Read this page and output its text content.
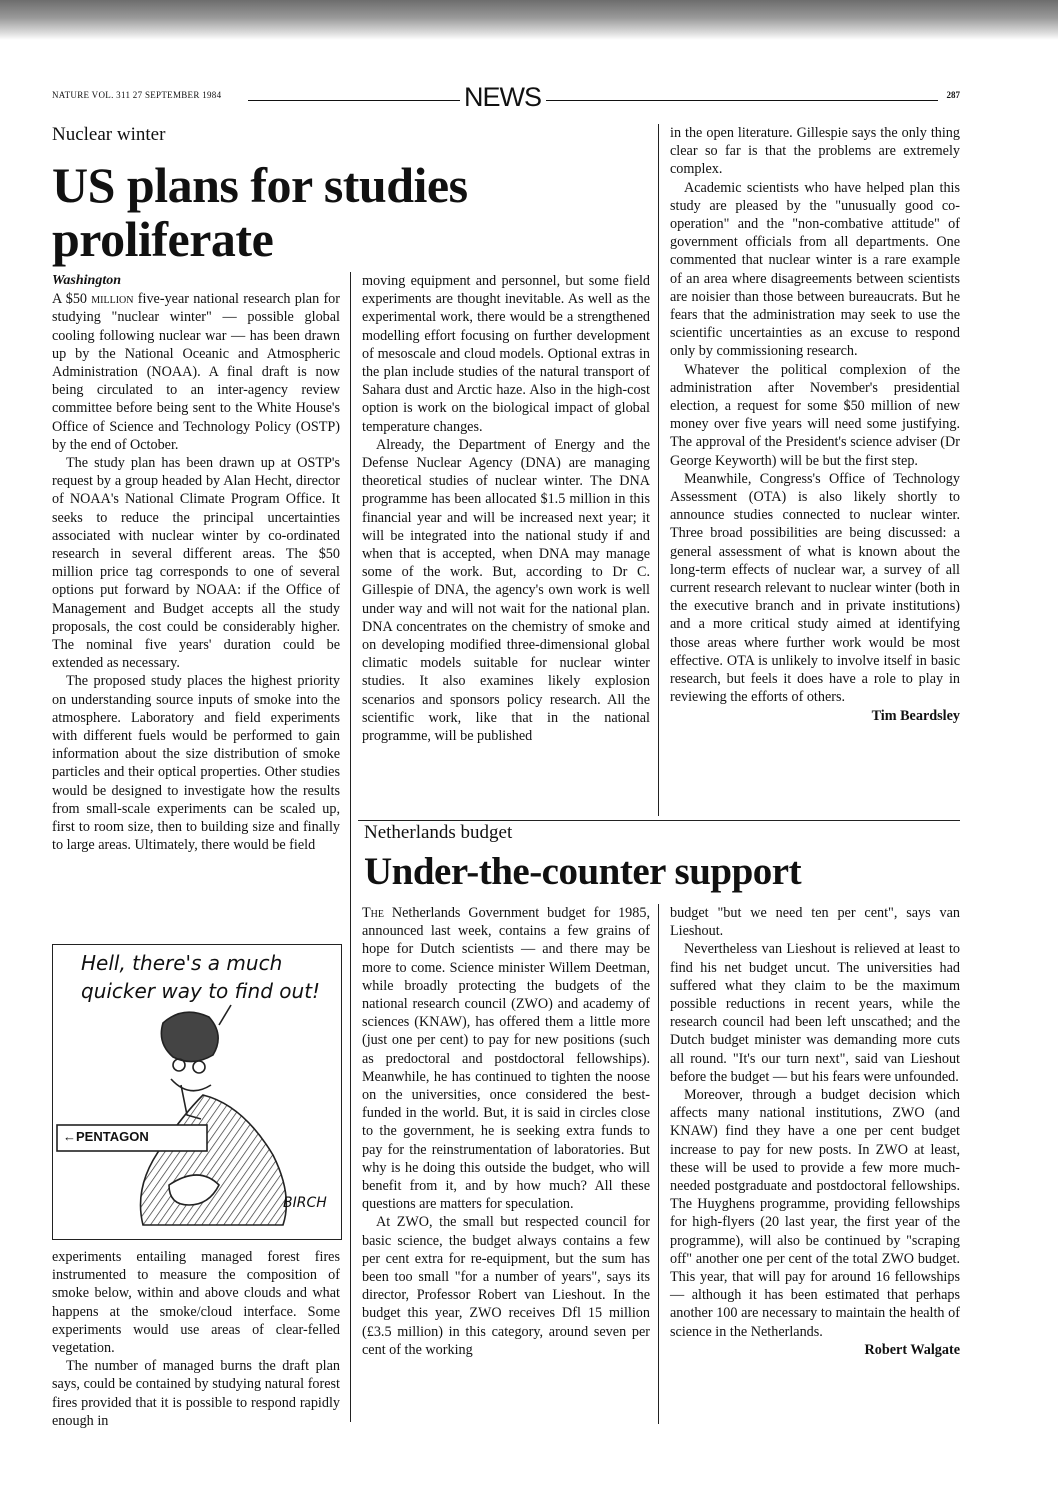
NATURE VOL. 311 27 SEPTEMBER 1984	NEWS	287
Nuclear winter
US plans for studies
proliferate
Washington

A $50 million five-year national research plan for studying "nuclear winter" — possible global cooling following nuclear war — has been drawn up by the National Oceanic and Atmospheric Administration (NOAA). A final draft is now being circulated to an inter-agency review committee before being sent to the White House's Office of Science and Technology Policy (OSTP) by the end of October.

The study plan has been drawn up at OSTP's request by a group headed by Alan Hecht, director of NOAA's National Climate Program Office. It seeks to reduce the principal uncertainties associated with nuclear winter by co-ordinated research in several different areas. The $50 million price tag corresponds to one of several options put forward by NOAA: if the Office of Management and Budget accepts all the study proposals, the cost could be considerably higher. The nominal five years' duration could be extended as necessary.

The proposed study places the highest priority on understanding source inputs of smoke into the atmosphere. Laboratory and field experiments with different fuels would be performed to gain information about the size distribution of smoke particles and their optical properties. Other studies would be designed to investigate how the results from small-scale experiments can be scaled up, first to room size, then to building size and finally to large areas. Ultimately, there would be field

Hell, there's a much quicker way to find out!
←PENTAGON
BIRCH

experiments entailing managed forest fires instrumented to measure the composition of smoke below, within and above clouds and what happens at the smoke/cloud interface. Some experiments would use areas of clear-felled vegetation.

The number of managed burns the draft plan says, could be contained by studying natural forest fires provided that it is possible to respond rapidly enough in

moving equipment and personnel, but some field experiments are thought inevitable. As well as the experimental work, there would be a strengthened modelling effort focusing on further development of mesoscale and cloud models. Optional extras in the plan include studies of the natural transport of Sahara dust and Arctic haze. Also in the high-cost option is work on the biological impact of global temperature changes.

Already, the Department of Energy and the Defense Nuclear Agency (DNA) are managing theoretical studies of nuclear winter. The DNA programme has been allocated $1.5 million in this financial year and will be increased next year; it will be integrated into the national study if and when that is accepted, when DNA may manage some of the work. But, according to Dr C. Gillespie of DNA, the agency's own work is well under way and will not wait for the national plan. DNA concentrates on the chemistry of smoke and on developing modified three-dimensional global climatic models suitable for nuclear winter studies. It also examines likely explosion scenarios and sponsors policy research. All the scientific work, like that in the national programme, will be published

in the open literature. Gillespie says the only thing clear so far is that the problems are extremely complex.

Academic scientists who have helped plan this study are pleased by the "unusually good co-operation" and the "non-combative attitude" of government officials from all departments. One commented that nuclear winter is a rare example of an area where disagreements between scientists are noisier than those between bureaucrats. But he fears that the administration may seek to use the scientific uncertainties as an excuse to respond only by commissioning research.

Whatever the political complexion of the administration after November's presidential election, a request for some $50 million of new money over five years will need some justifying. The approval of the President's science adviser (Dr George Keyworth) will be but the first step.

Meanwhile, Congress's Office of Technology Assessment (OTA) is also likely shortly to announce studies connected to nuclear winter. Three broad possibilities are being discussed: a general assessment of what is known about the long-term effects of nuclear war, a survey of all current research relevant to nuclear winter (both in the executive branch and in private institutions) and a more critical study aimed at identifying those areas where further work would be most effective. OTA is unlikely to involve itself in basic research, but feels it does have a role to play in reviewing the efforts of others.

Tim Beardsley
Netherlands budget
Under-the-counter support

The Netherlands Government budget for 1985, announced last week, contains a few grains of hope for Dutch scientists — and there may be more to come. Science minister Willem Deetman, while broadly protecting the budgets of the national research council (ZWO) and academy of sciences (KNAW), has offered them a little more (just one per cent) to pay for new positions (such as predoctoral and postdoctoral fellowships). Meanwhile, he has continued to tighten the noose on the universities, once considered the best-funded in the world. But, it is said in circles close to the government, he is seeking extra funds to pay for the reinstrumentation of laboratories. But why is he doing this outside the budget, who will benefit from it, and by how much? All these questions are matters for speculation.

At ZWO, the small but respected council for basic science, the budget always contains a few per cent extra for re-equipment, but the sum has been too small "for a number of years", says its director, Professor Robert van Lieshout. In the budget this year, ZWO receives Dfl 15 million (£3.5 million) in this category, around seven per cent of the working

budget "but we need ten per cent", says van Lieshout.

Nevertheless van Lieshout is relieved at least to find his net budget uncut. The universities had suffered what they claim to be the maximum possible reductions in recent years, while the research council had been left unscathed; and the Dutch budget minister was demanding more cuts all round. "It's our turn next", said van Lieshout before the budget — but his fears were unfounded.

Moreover, through a budget decision which affects many national institutions, ZWO (and KNAW) find they have a one per cent budget increase to pay for new posts. In ZWO at least, these will be used to provide a few more much-needed postgraduate and postdoctoral fellowships. The Huyghens programme, providing fellowships for high-flyers (20 last year, the first year of the programme), will also be continued by "scraping off" another one per cent of the total ZWO budget. This year, that will pay for around 16 fellowships — although it has been estimated that perhaps another 100 are necessary to maintain the health of science in the Netherlands.

Robert Walgate
